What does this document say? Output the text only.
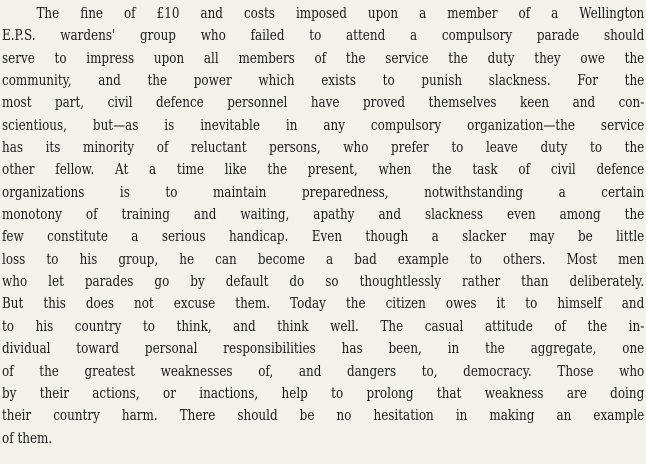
The fine of £10 and costs imposed upon a member of a Wellington
E.P.S. wardens' group who failed to attend a compulsory parade should
serve to impress upon all members of the service the duty they owe the
community, and the power which exists to punish slackness. For the
most part, civil defence personnel have proved themselves keen and con-
scientious, but—as is inevitable in any compulsory organization—the service
has its minority of reluctant persons, who prefer to leave duty to the
other fellow. At a time like the present, when the task of civil defence
organizations is to maintain preparedness, notwithstanding a certain
monotony of training and waiting, apathy and slackness even among the
few constitute a serious handicap. Even though a slacker may be little
loss to his group, he can become a bad example to others. Most men
who let parades go by default do so thoughtlessly rather than deliberately.
But this does not excuse them. Today the citizen owes it to himself and
to his country to think, and think well. The casual attitude of the in-
dividual toward personal responsibilities has been, in the aggregate, one
of the greatest weaknesses of, and dangers to, democracy. Those who
by their actions, or inactions, help to prolong that weakness are doing
their country harm. There should be no hesitation in making an example
of them.
